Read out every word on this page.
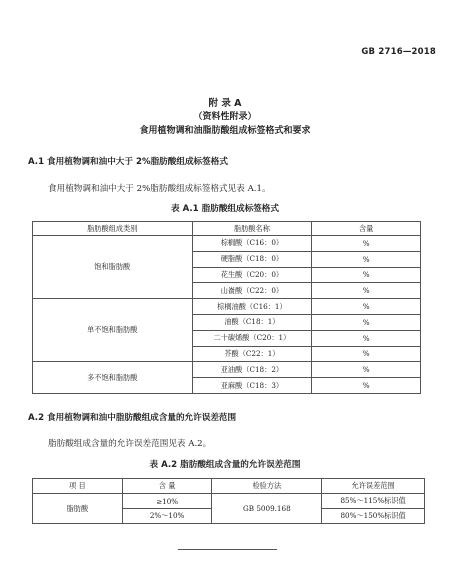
GB 2716—2018
附 录 A
（资料性附录）
食用植物调和油脂肪酸组成标签格式和要求
A.1 食用植物调和油中大于 2%脂肪酸组成标签格式
食用植物调和油中大于 2%脂肪酸组成标签格式见表 A.1。
表 A.1 脂肪酸组成标签格式
脂肪酸组成类别	脂肪酸名称	含量
饱和脂肪酸	棕榈酸（C16：0）	%
	硬脂酸（C18：0）	%
	花生酸（C20：0）	%
	山嵛酸（C22：0）	%
单不饱和脂肪酸	棕榈油酸（C16：1）	%
	油酸（C18：1）	%
	二十碳烯酸（C20：1）	%
	芥酸（C22：1）	%
多不饱和脂肪酸	亚油酸（C18：2）	%
	亚麻酸（C18：3）	%
A.2 食用植物调和油中脂肪酸组成含量的允许误差范围
脂肪酸组成含量的允许误差范围见表 A.2。
表 A.2 脂肪酸组成含量的允许误差范围
项 目	含 量	检验方法	允许误差范围
脂肪酸	≥10%	GB 5009.168	85%～115%标识值
	2%～10%		80%～150%标识值
